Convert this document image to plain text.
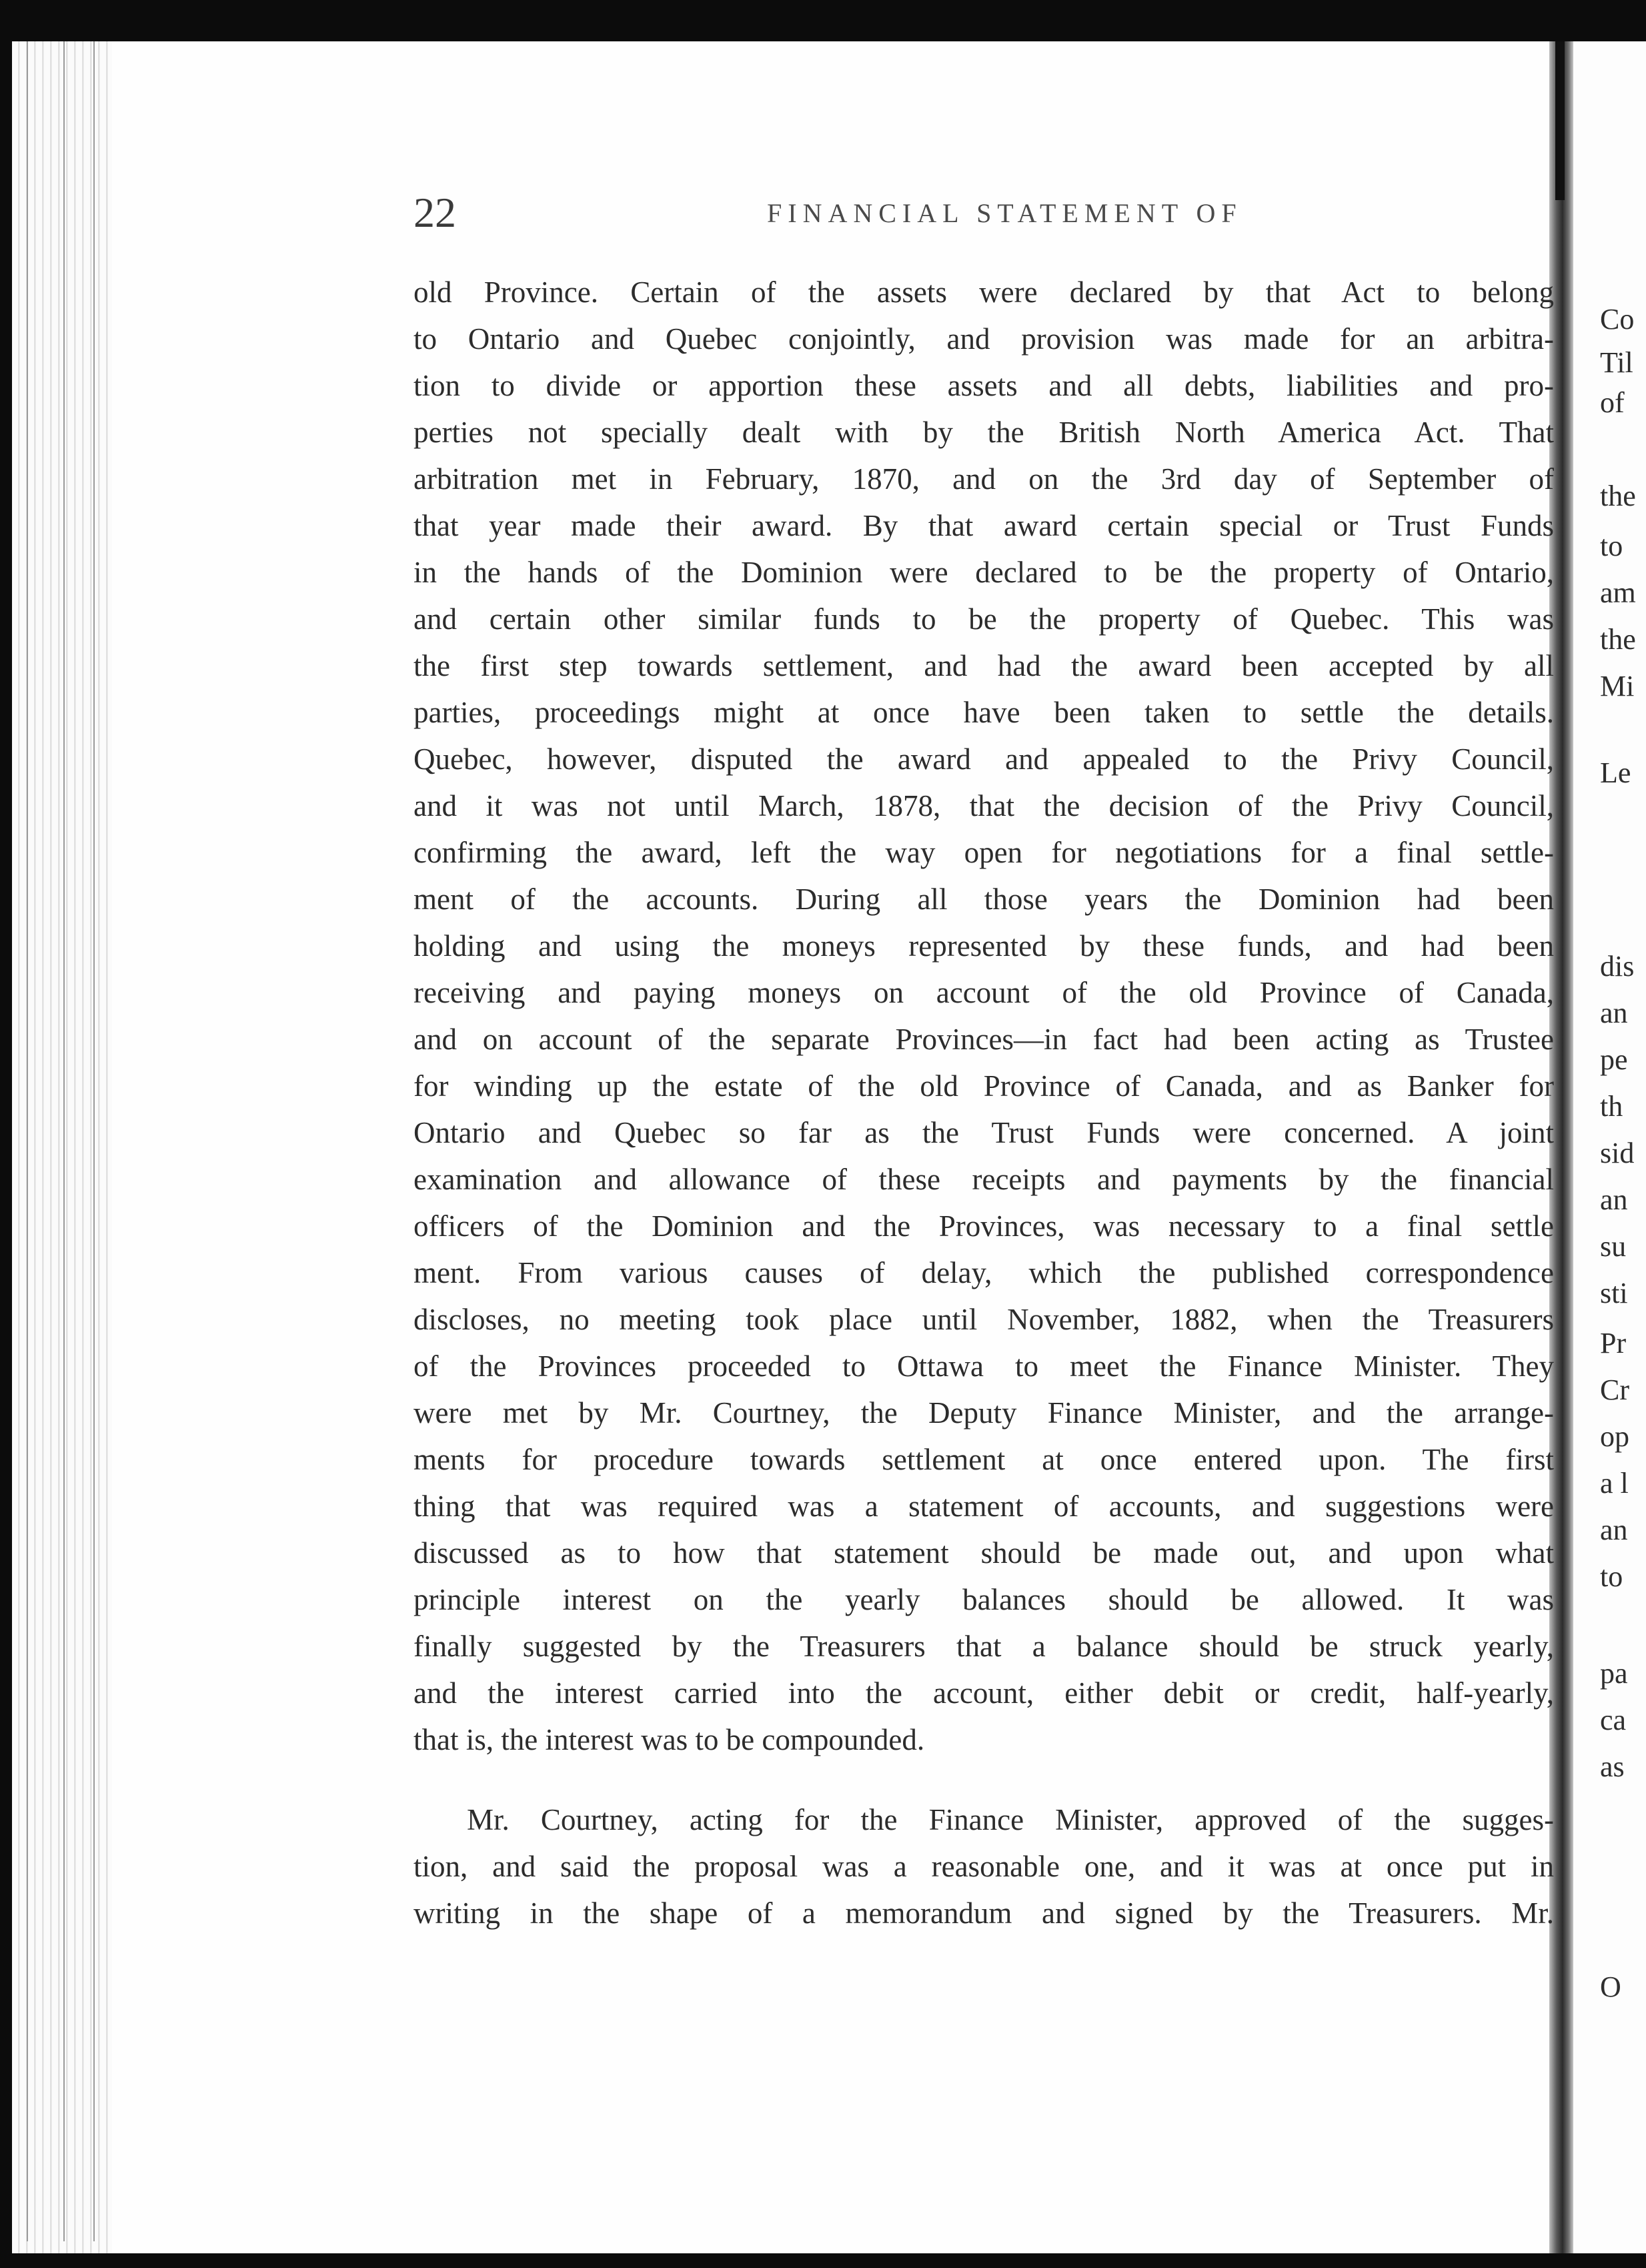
Co
Til
of
the
to
am
the
Mi
Le
dis
an
pe
th
sid
an
su
sti
Pr
Cr
op
a l
an
to
pa
ca
as
O
22	FINANCIAL STATEMENT OF
old Province. Certain of the assets were declared by that Act to belong
to Ontario and Quebec conjointly, and provision was made for an arbitra-
tion to divide or apportion these assets and all debts, liabilities and pro-
perties not specially dealt with by the British North America Act. That
arbitration met in February, 1870, and on the 3rd day of September of
that year made their award. By that award certain special or Trust Funds
in the hands of the Dominion were declared to be the property of Ontario,
and certain other similar funds to be the property of Quebec. This was
the first step towards settlement, and had the award been accepted by all
parties, proceedings might at once have been taken to settle the details.
Quebec, however, disputed the award and appealed to the Privy Council,
and it was not until March, 1878, that the decision of the Privy Council,
confirming the award, left the way open for negotiations for a final settle-
ment of the accounts. During all those years the Dominion had been
holding and using the moneys represented by these funds, and had been
receiving and paying moneys on account of the old Province of Canada,
and on account of the separate Provinces—in fact had been acting as Trustee
for winding up the estate of the old Province of Canada, and as Banker for
Ontario and Quebec so far as the Trust Funds were concerned. A joint
examination and allowance of these receipts and payments by the financial
officers of the Dominion and the Provinces, was necessary to a final settle
ment. From various causes of delay, which the published correspondence
discloses, no meeting took place until November, 1882, when the Treasurers
of the Provinces proceeded to Ottawa to meet the Finance Minister. They
were met by Mr. Courtney, the Deputy Finance Minister, and the arrange-
ments for procedure towards settlement at once entered upon. The first
thing that was required was a statement of accounts, and suggestions were
discussed as to how that statement should be made out, and upon what
principle interest on the yearly balances should be allowed. It was
finally suggested by the Treasurers that a balance should be struck yearly,
and the interest carried into the account, either debit or credit, half-yearly,
that is, the interest was to be compounded.
Mr. Courtney, acting for the Finance Minister, approved of the sugges-
tion, and said the proposal was a reasonable one, and it was at once put in
writing in the shape of a memorandum and signed by the Treasurers. Mr.
